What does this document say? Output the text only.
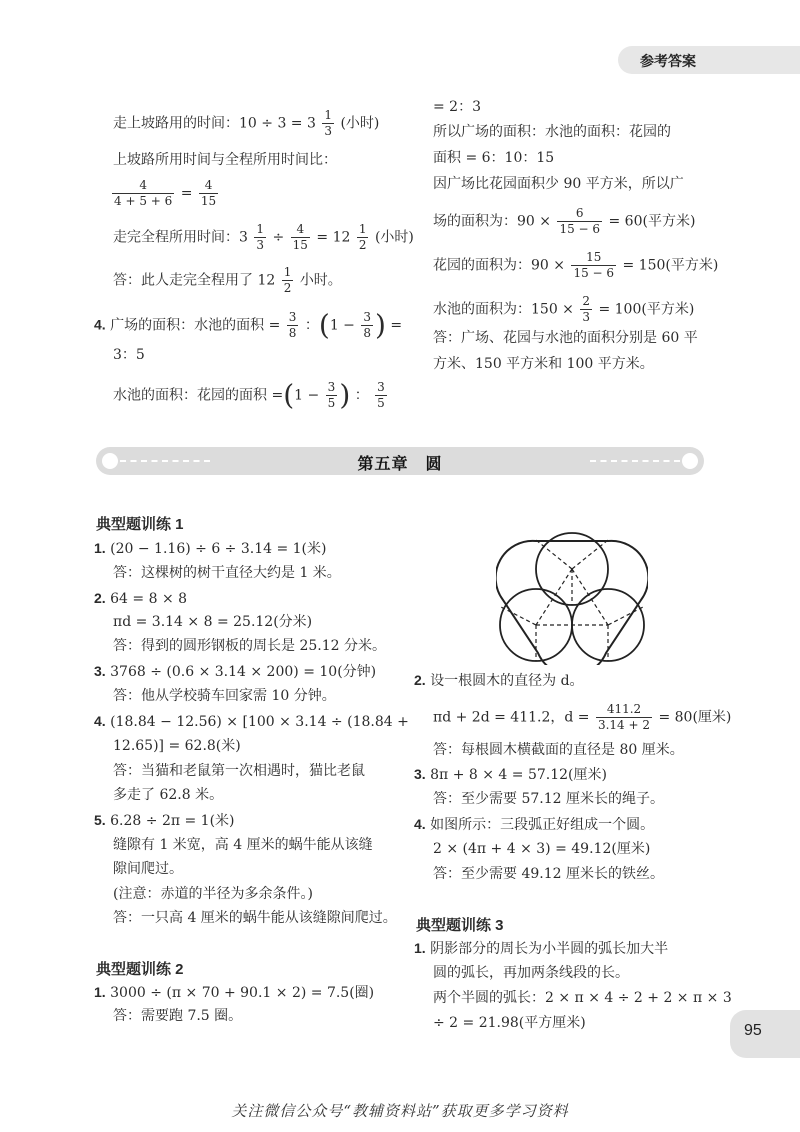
参考答案
走上坡路用的时间：$10 \div 3 = 3 \frac{1}{3}$ (小时)
上坡路所用时间与全程所用时间比：
$\frac{4}{4 + 5 + 6} = \frac{4}{15}$
走完全程所用时间：$3 \frac{1}{3} \div \frac{4}{15} = 12 \frac{1}{2}$ (小时)
答：此人走完全程用了 $12 \frac{1}{2}$ 小时。
4. 广场的面积：水池的面积 = $\frac{3}{8}$ ：($1 - \frac{3}{8}$ ) =
3：5
水池的面积：花园的面积 $=(1 - \frac{3}{5}$ ) ： $\frac{3}{5}$
= 2：3
所以广场的面积：水池的面积：花园的
面积 = 6：10：15
因广场比花园面积少 90 平方米，所以广
场的面积为：$90 \times \frac{6}{15 - 6} = 60$(平方米)
花园的面积为：$90 \times \frac{15}{15 - 6} = 150$(平方米)
水池的面积为：$150 \times \frac{2}{3} = 100$(平方米)
答：广场、花园与水池的面积分别是 60 平
方米、150 平方米和 100 平方米。
第五章　圆
典型题训练 1
1. (20 − 1.16) ÷ 6 ÷ 3.14 = 1(米)
答：这棵树的树干直径大约是 1 米。
2. 64 = 8 × 8
πd = 3.14 × 8 = 25.12(分米)
答：得到的圆形钢板的周长是 25.12 分米。
3. 3768 ÷ (0.6 × 3.14 × 200) = 10(分钟)
答：他从学校骑车回家需 10 分钟。
4. (18.84 − 12.56) × [100 × 3.14 ÷ (18.84 +
12.65)] = 62.8(米)
答：当猫和老鼠第一次相遇时，猫比老鼠
多走了 62.8 米。
5. 6.28 ÷ 2π = 1(米)
缝隙有 1 米宽，高 4 厘米的蜗牛能从该缝
隙间爬过。
(注意：赤道的半径为多余条件。)
答：一只高 4 厘米的蜗牛能从该缝隙间爬过。
典型题训练 2
1. 3000 ÷ (π × 70 + 90.1 × 2) = 7.5(圈)
答：需要跑 7.5 圈。
2. 设一根圆木的直径为 d。
πd + 2d = 411.2，$d = \frac{411.2}{3.14 + 2} = 80$(厘米)
答：每根圆木横截面的直径是 80 厘米。
3. 8π + 8 × 4 = 57.12(厘米)
答：至少需要 57.12 厘米长的绳子。
4. 如图所示：三段弧正好组成一个圆。
2 × (4π + 4 × 3) = 49.12(厘米)
答：至少需要 49.12 厘米长的铁丝。
典型题训练 3
1. 阴影部分的周长为小半圆的弧长加大半
圆的弧长，再加两条线段的长。
两个半圆的弧长：2 × π × 4 ÷ 2 + 2 × π × 3
÷ 2 = 21.98(平方厘米)	95
关注微信公众号“教辅资料站”获取更多学习资料
